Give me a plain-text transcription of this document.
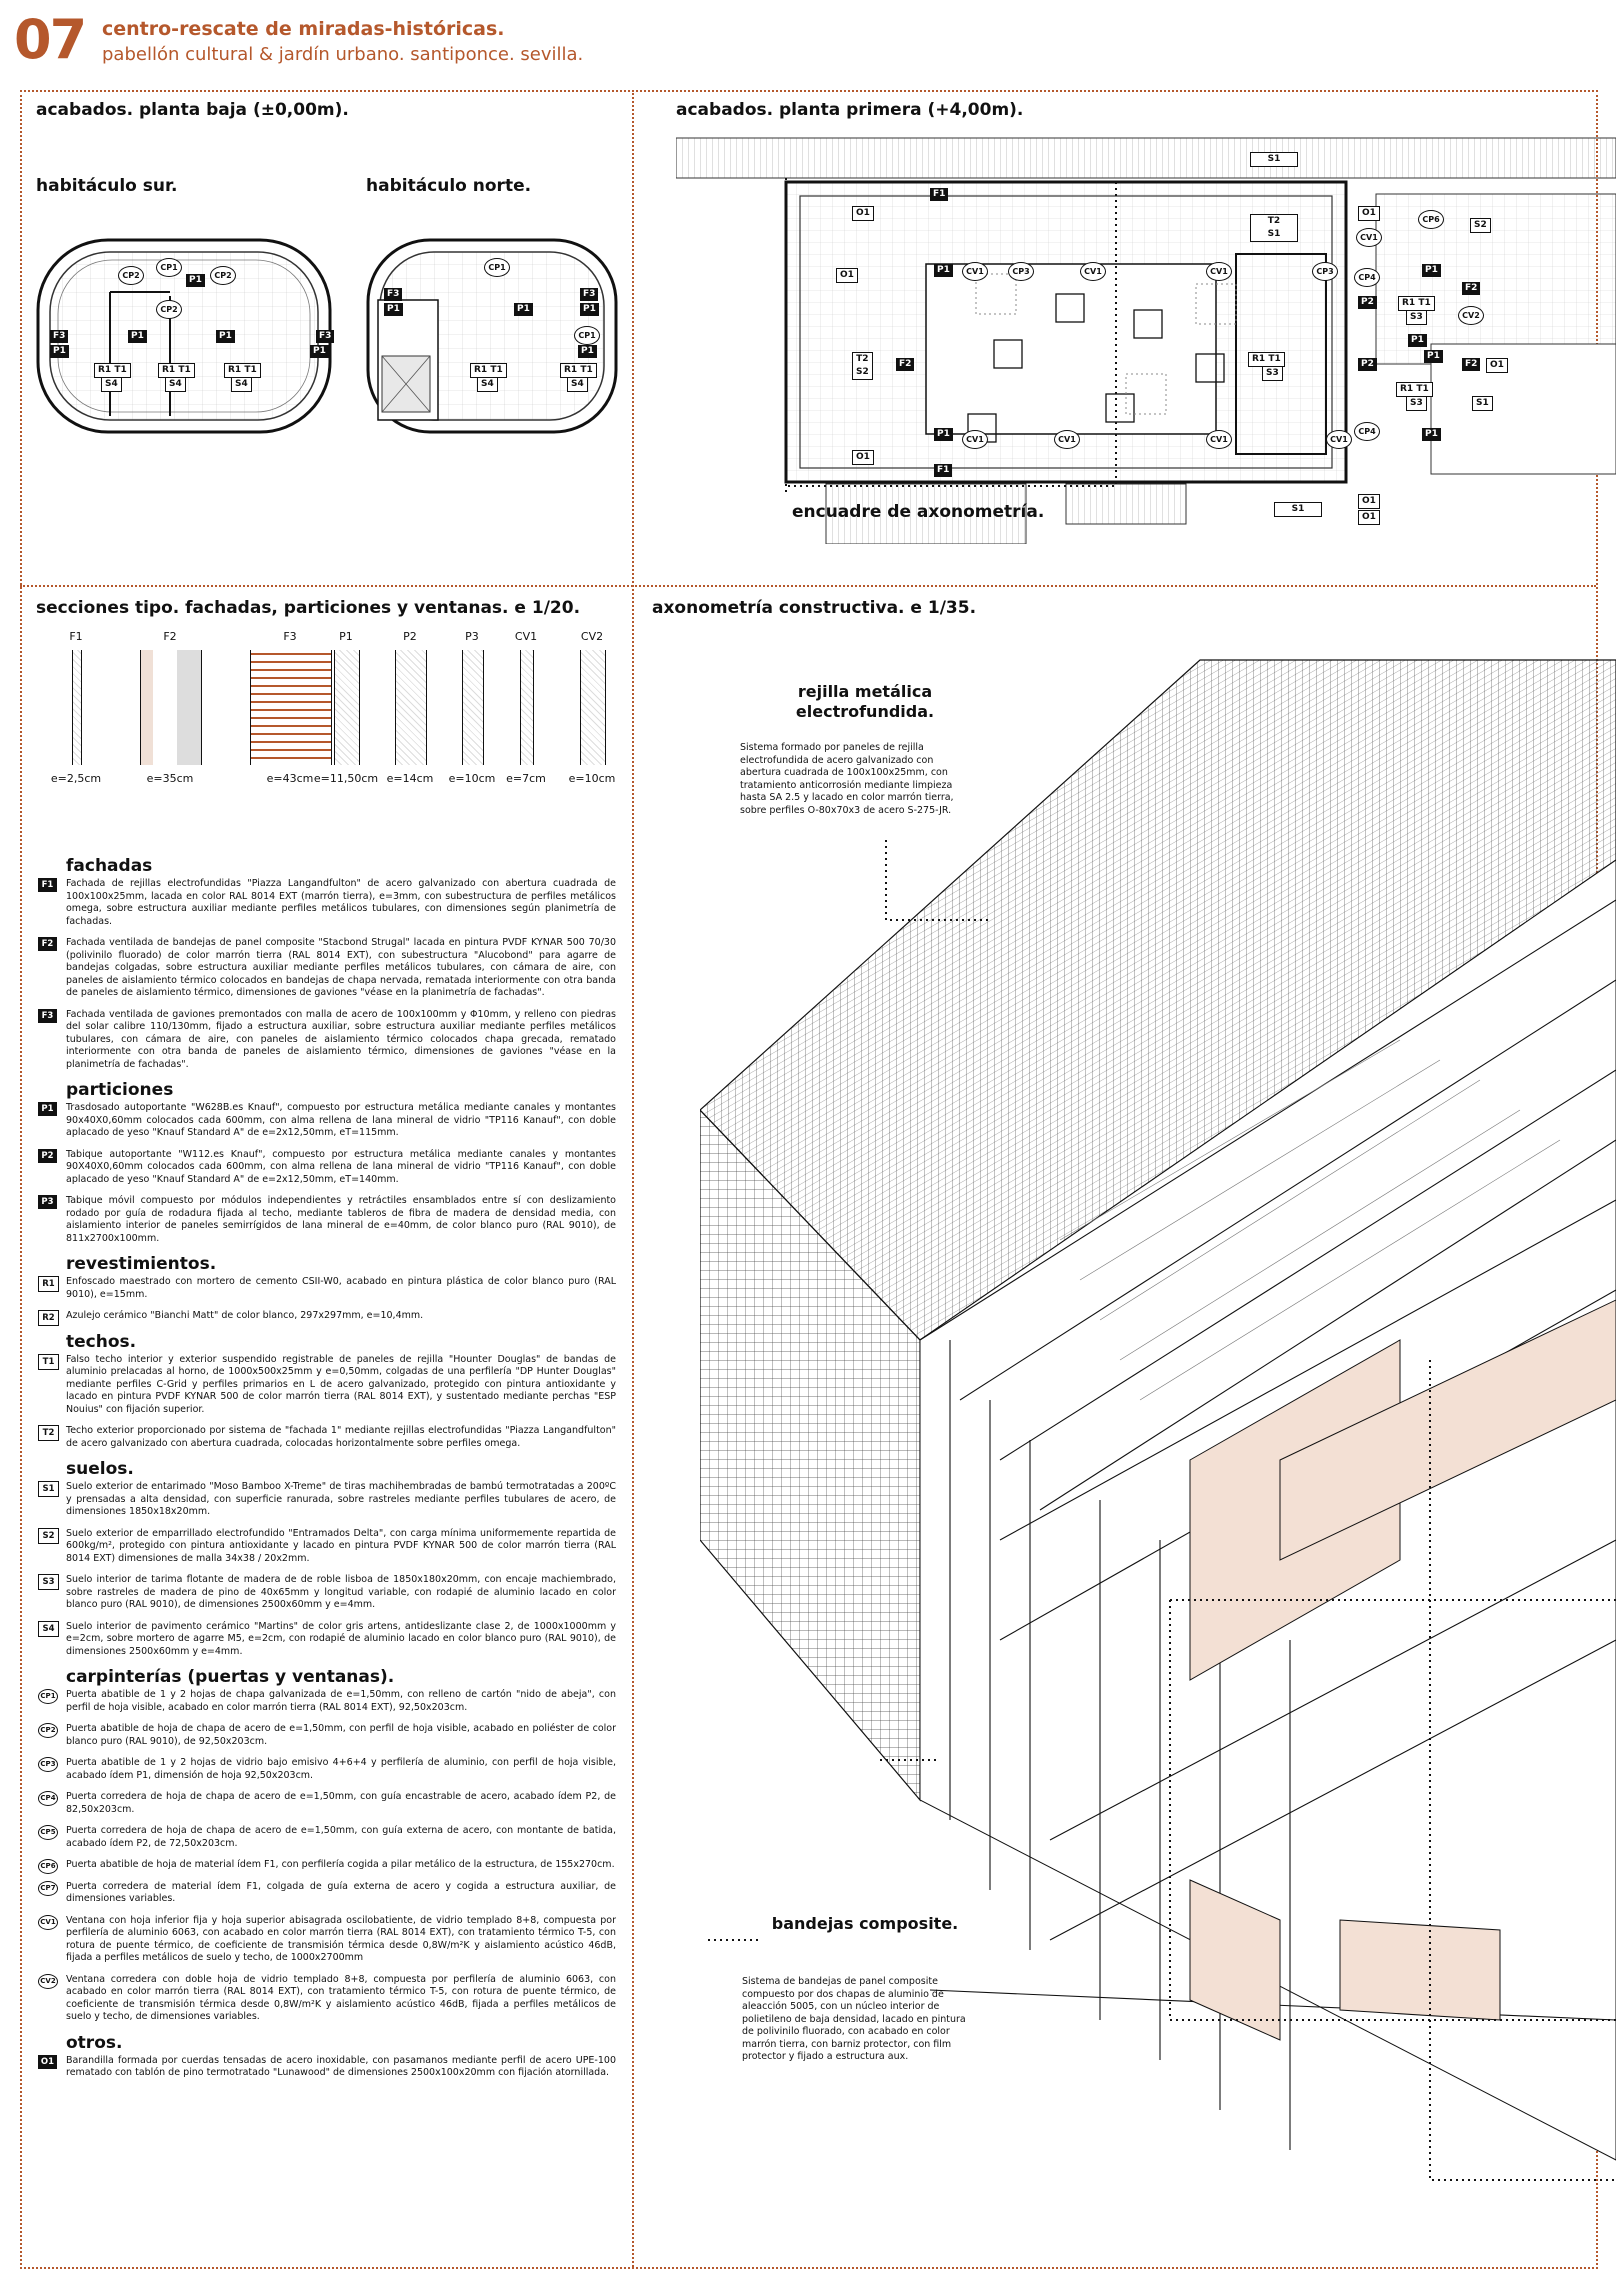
07 centro-rescate de miradas-históricas.
pabellón cultural & jardín urbano. santiponce. sevilla.
acabados. planta baja (±0,00m).
habitáculo sur.	habitáculo norte.
CP2
CP1
CP2
P1
CP2
P1	P1
F3
P1
R1 T1
S4
R1 T1
S4
R1 T1
S4
CP1
F3	F3
P1	P1	P1
CP1
F3
P1	P1
R1 T1
S4
R1 T1
S4
acabados. planta primera (+4,00m).
S1
F1
O1	O1
CP6
S2
T2
S1	CV1
O1	P1	CV1	CP3	CV1	CV1	CP3
CP4
P1
F2
P2	R1 T1
S3	CV2
P1
F2
T2
S2
R1 T1
S3
P2
P1
F2	O1
R1 T1
S3	S1
CP4
P1
CV1	CV1	CV1	CV1
P1
O1
F1
O1
S1
O1
encuadre de axonometría.
secciones tipo. fachadas, particiones y ventanas. e 1/20.
F1
e=2,5cm
F2
e=35cm
F3
e=43cm
P1
e=11,50cm
P2
e=14cm
P3
e=10cm
CV1
e=7cm
CV2
e=10cm
fachadas
F1	Fachada de rejillas electrofundidas "Piazza Langandfulton" de acero galvanizado con abertura cuadrada de 100x100x25mm, lacada en color RAL 8014 EXT (marrón tierra), e=3mm, con subestructura de perfiles metálicos omega, sobre estructura auxiliar mediante perfiles metálicos tubulares, con dimensiones según planimetría de fachadas.
F2	Fachada ventilada de bandejas de panel composite "Stacbond Strugal" lacada en pintura PVDF KYNAR 500 70/30 (polivinilo fluorado) de color marrón tierra (RAL 8014 EXT), con subestructura "Alucobond" para agarre de bandejas colgadas, sobre estructura auxiliar mediante perfiles metálicos tubulares, con cámara de aire, con paneles de aislamiento térmico colocados en bandejas de chapa nervada, rematada interiormente con otra banda de paneles de aislamiento térmico, dimensiones de gaviones "véase en la planimetría de fachadas".
F3	Fachada ventilada de gaviones premontados con malla de acero de 100x100mm y Φ10mm, y relleno con piedras del solar calibre 110/130mm, fijado a estructura auxiliar, sobre estructura auxiliar mediante perfiles metálicos tubulares, con cámara de aire, con paneles de aislamiento térmico colocados chapa grecada, rematado interiormente con otra banda de paneles de aislamiento térmico, dimensiones de gaviones "véase en la planimetría de fachadas".
particiones
P1	Trasdosado autoportante "W628B.es Knauf", compuesto por estructura metálica mediante canales y montantes 90x40X0,60mm colocados cada 600mm, con alma rellena de lana mineral de vidrio "TP116 Kanauf", con doble aplacado de yeso "Knauf Standard A" de e=2x12,50mm, eT=115mm.
P2	Tabique autoportante "W112.es Knauf", compuesto por estructura metálica mediante canales y montantes 90X40X0,60mm colocados cada 600mm, con alma rellena de lana mineral de vidrio "TP116 Kanauf", con doble aplacado de yeso "Knauf Standard A" de e=2x12,50mm, eT=140mm.
P3	Tabique móvil compuesto por módulos independientes y retráctiles ensamblados entre sí con deslizamiento rodado por guía de rodadura fijada al techo, mediante tableros de fibra de madera de densidad media, con aislamiento interior de paneles semirrígidos de lana mineral de e=40mm, de color blanco puro (RAL 9010), de 811x2700x100mm.
revestimientos.
R1	Enfoscado maestrado con mortero de cemento CSII-W0, acabado en pintura plástica de color blanco puro (RAL 9010), e=15mm.
R2	Azulejo cerámico "Bianchi Matt" de color blanco, 297x297mm, e=10,4mm.
techos.
T1	Falso techo interior y exterior suspendido registrable de paneles de rejilla "Hounter Douglas" de bandas de aluminio prelacadas al horno, de 1000x500x25mm y e=0,50mm, colgadas de una perfilería "DP Hunter Douglas" mediante perfiles C-Grid y perfiles primarios en L de acero galvanizado, protegido con pintura antioxidante y lacado en pintura PVDF KYNAR 500 de color marrón tierra (RAL 8014 EXT), y sustentado mediante perchas "ESP Nouius" con fijación superior.
T2	Techo exterior proporcionado por sistema de "fachada 1" mediante rejillas electrofundidas "Piazza Langandfulton" de acero galvanizado con abertura cuadrada, colocadas horizontalmente sobre perfiles omega.
suelos.
S1	Suelo exterior de entarimado "Moso Bamboo X-Treme" de tiras machihembradas de bambú termotratadas a 200ºC y prensadas a alta densidad, con superficie ranurada, sobre rastreles mediante perfiles tubulares de acero, de dimensiones 1850x18x20mm.
S2	Suelo exterior de emparrillado electrofundido "Entramados Delta", con carga mínima uniformemente repartida de 600kg/m², protegido con pintura antioxidante y lacado en pintura PVDF KYNAR 500 de color marrón tierra (RAL 8014 EXT) dimensiones de malla 34x38 / 20x2mm.
S3	Suelo interior de tarima flotante de madera de de roble lisboa de 1850x180x20mm, con encaje machiembrado, sobre rastreles de madera de pino de 40x65mm y longitud variable, con rodapié de aluminio lacado en color blanco puro (RAL 9010), de dimensiones 2500x60mm y e=4mm.
S4	Suelo interior de pavimento cerámico "Martins" de color gris artens, antideslizante clase 2, de 1000x1000mm y e=2cm, sobre mortero de agarre M5, e=2cm, con rodapié de aluminio lacado en color blanco puro (RAL 9010), de dimensiones 2500x60mm y e=4mm.
carpinterías (puertas y ventanas).
CP1 Puerta abatible de 1 y 2 hojas de chapa galvanizada de e=1,50mm, con relleno de cartón "nido de abeja", con perfil de hoja visible, acabado en color marrón tierra (RAL 8014 EXT), 92,50x203cm.
CP2 Puerta abatible de hoja de chapa de acero de e=1,50mm, con perfil de hoja visible, acabado en poliéster de color blanco puro (RAL 9010), de 92,50x203cm.
CP3 Puerta abatible de 1 y 2 hojas de vidrio bajo emisivo 4+6+4 y perfilería de aluminio, con perfil de hoja visible, acabado ídem P1, dimensión de hoja 92,50x203cm.
CP4 Puerta corredera de hoja de chapa de acero de e=1,50mm, con guía encastrable de acero, acabado ídem P2, de 82,50x203cm.
CP5 Puerta corredera de hoja de chapa de acero de e=1,50mm, con guía externa de acero, con montante de batida, acabado ídem P2, de 72,50x203cm.
CP6 Puerta abatible de hoja de material ídem F1, con perfilería cogida a pilar metálico de la estructura, de 155x270cm.
CP7 Puerta corredera de material ídem F1, colgada de guía externa de acero y cogida a estructura auxiliar, de dimensiones variables.
CV1 Ventana con hoja inferior fija y hoja superior abisagrada oscilobatiente, de vidrio templado 8+8, compuesta por perfilería de aluminio 6063, con acabado en color marrón tierra (RAL 8014 EXT), con tratamiento térmico T-5, con rotura de puente térmico, de coeficiente de transmisión térmica desde 0,8W/m²K y aislamiento acústico 46dB, fijada a perfiles metálicos de suelo y techo, de 1000x2700mm
CV2 Ventana corredera con doble hoja de vidrio templado 8+8, compuesta por perfilería de aluminio 6063, con acabado en color marrón tierra (RAL 8014 EXT), con tratamiento térmico T-5, con rotura de puente térmico, de coeficiente de transmisión térmica desde 0,8W/m²K y aislamiento acústico 46dB, fijada a perfiles metálicos de suelo y techo, de dimensiones variables.
otros.
O1	Barandilla formada por cuerdas tensadas de acero inoxidable, con pasamanos mediante perfil de acero UPE-100 rematado con tablón de pino termotratado "Lunawood" de dimensiones 2500x100x20mm con fijación atornillada.
axonometría constructiva. e 1/35.
rejilla metálica electrofundida.
Sistema formado por paneles de rejilla electrofundida de acero galvanizado con abertura cuadrada de 100x100x25mm, con tratamiento anticorrosión mediante limpieza hasta SA 2.5 y lacado en color marrón tierra, sobre perfiles O-80x70x3 de acero S-275-JR.
bandejas composite.
Sistema de bandejas de panel composite compuesto por dos chapas de aluminio de aleacción 5005, con un núcleo interior de polietileno de baja densidad, lacado en pintura de polivinilo fluorado, con acabado en color marrón tierra, con barniz protector, con film protector y fijado a estructura aux.
